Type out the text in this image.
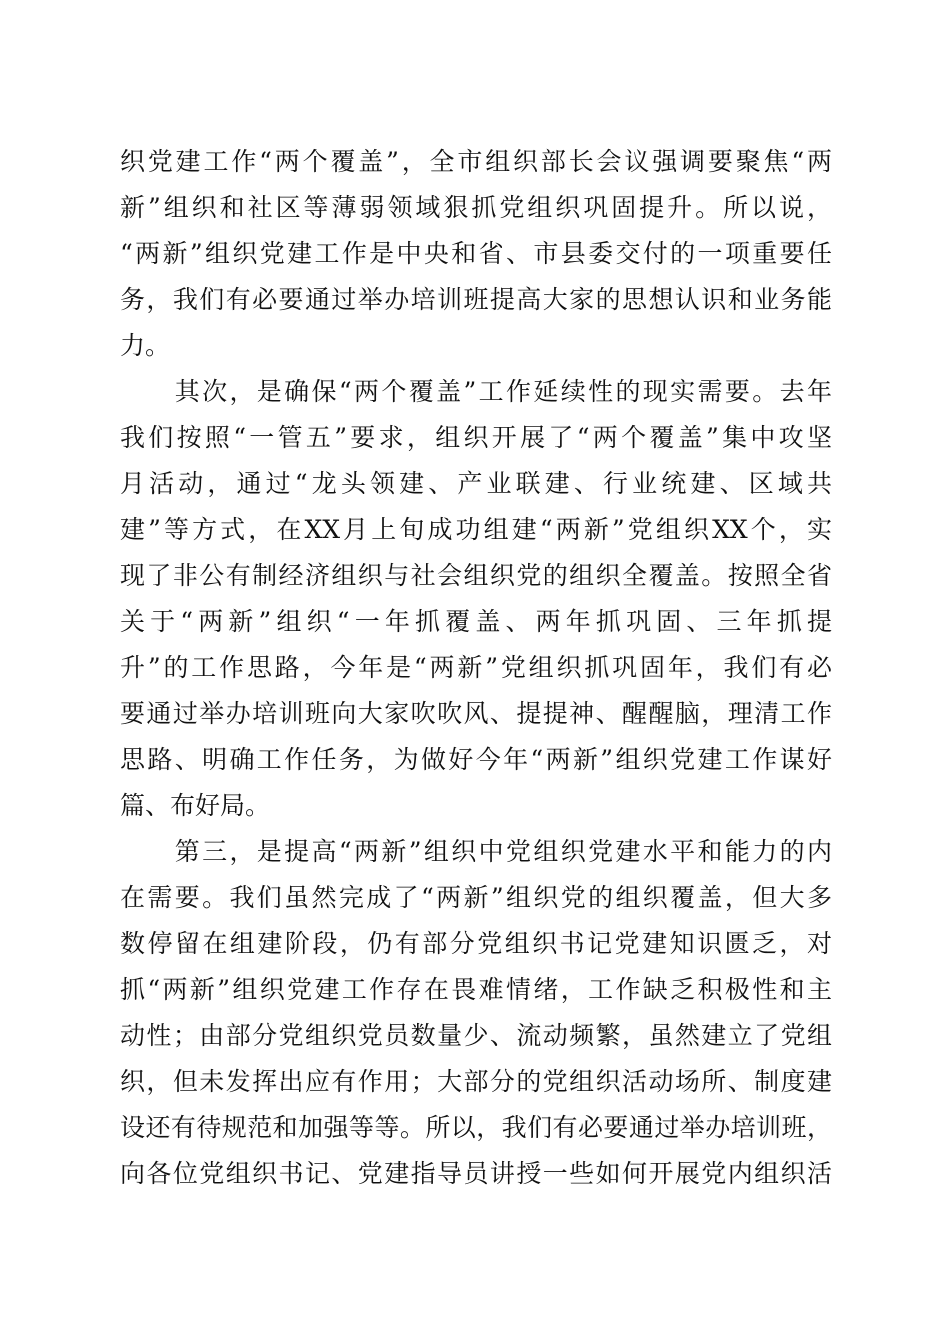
织党建工作“两个覆盖”，全市组织部长会议强调要聚焦“两
新”组织和社区等薄弱领域狠抓党组织巩固提升。所以说，
“两新”组织党建工作是中央和省、市县委交付的一项重要任
务，我们有必要通过举办培训班提高大家的思想认识和业务能
力。
　　其次，是确保“两个覆盖”工作延续性的现实需要。去年
我们按照“一管五”要求，组织开展了“两个覆盖”集中攻坚
月活动，通过“龙头领建、产业联建、行业统建、区域共
建”等方式，在XX月上旬成功组建“两新”党组织XX个，实
现了非公有制经济组织与社会组织党的组织全覆盖。按照全省
关于“两新”组织“一年抓覆盖、两年抓巩固、三年抓提
升”的工作思路，今年是“两新”党组织抓巩固年，我们有必
要通过举办培训班向大家吹吹风、提提神、醒醒脑，理清工作
思路、明确工作任务，为做好今年“两新”组织党建工作谋好
篇、布好局。
　　第三，是提高“两新”组织中党组织党建水平和能力的内
在需要。我们虽然完成了“两新”组织党的组织覆盖，但大多
数停留在组建阶段，仍有部分党组织书记党建知识匮乏，对
抓“两新”组织党建工作存在畏难情绪，工作缺乏积极性和主
动性；由部分党组织党员数量少、流动频繁，虽然建立了党组
织，但未发挥出应有作用；大部分的党组织活动场所、制度建
设还有待规范和加强等等。所以，我们有必要通过举办培训班，
向各位党组织书记、党建指导员讲授一些如何开展党内组织活
